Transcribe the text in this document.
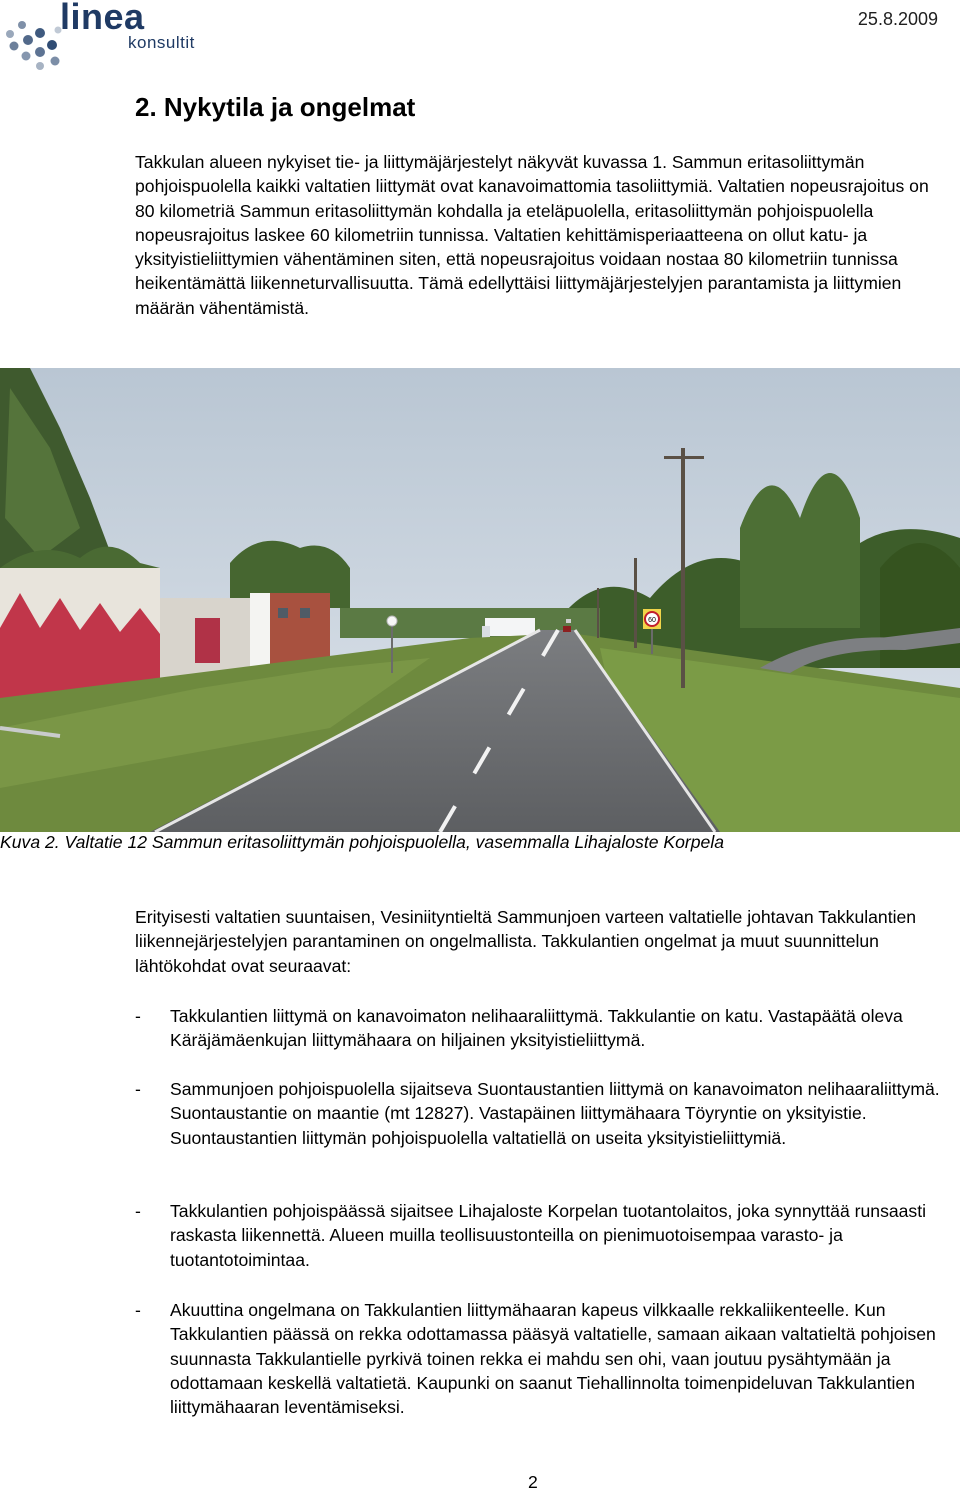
linea
konsultit
25.8.2009
2. Nykytila ja ongelmat

Takkulan alueen nykyiset tie- ja liittymäjärjestelyt näkyvät kuvassa 1. Sammun eritasoliittymän pohjoispuolella kaikki valtatien liittymät ovat kanavoimattomia tasoliittymiä. Valtatien nopeusrajoitus on 80 kilometriä Sammun eritasoliittymän kohdalla ja eteläpuolella, eritasoliittymän pohjoispuolella nopeusrajoitus laskee 60 kilometriin tunnissa. Valtatien kehittämisperiaatteena on ollut katu- ja yksityistieliittymien vähentäminen siten, että nopeusrajoitus voidaan nostaa 80 kilometriin tunnissa heikentämättä liikenneturvallisuutta. Tämä edellyttäisi liittymäjärjestelyjen parantamista ja liittymien määrän vähentämistä.

60
Kuva 2. Valtatie 12 Sammun eritasoliittymän pohjoispuolella, vasemmalla Lihajaloste Korpela

Erityisesti valtatien suuntaisen, Vesiniityntieltä Sammunjoen varteen valtatielle johtavan Takkulantien liikennejärjestelyjen parantaminen on ongelmallista. Takkulantien ongelmat ja muut suunnittelun lähtökohdat ovat seuraavat:

- Takkulantien liittymä on kanavoimaton nelihaaraliittymä. Takkulantie on katu. Vastapäätä oleva Käräjämäenkujan liittymähaara on hiljainen yksityistieliittymä.
- Sammunjoen pohjoispuolella sijaitseva Suontaustantien liittymä on kanavoimaton nelihaaraliittymä. Suontaustantie on maantie (mt 12827). Vastapäinen liittymähaara Töyryntie on yksityistie. Suontaustantien liittymän pohjoispuolella valtatiellä on useita yksityistieliittymiä.
- Takkulantien pohjoispäässä sijaitsee Lihajaloste Korpelan tuotantolaitos, joka synnyttää runsaasti raskasta liikennettä. Alueen muilla teollisuustonteilla on pienimuotoisempaa varasto- ja tuotantotoimintaa.
- Akuuttina ongelmana on Takkulantien liittymähaaran kapeus vilkkaalle rekkaliikenteelle. Kun Takkulantien päässä on rekka odottamassa pääsyä valtatielle, samaan aikaan valtatieltä pohjoisen suunnasta Takkulantielle pyrkivä toinen rekka ei mahdu sen ohi, vaan joutuu pysähtymään ja odottamaan keskellä valtatietä. Kaupunki on saanut Tiehallinnolta toimenpideluvan Takkulantien liittymähaaran leventämiseksi.
2
